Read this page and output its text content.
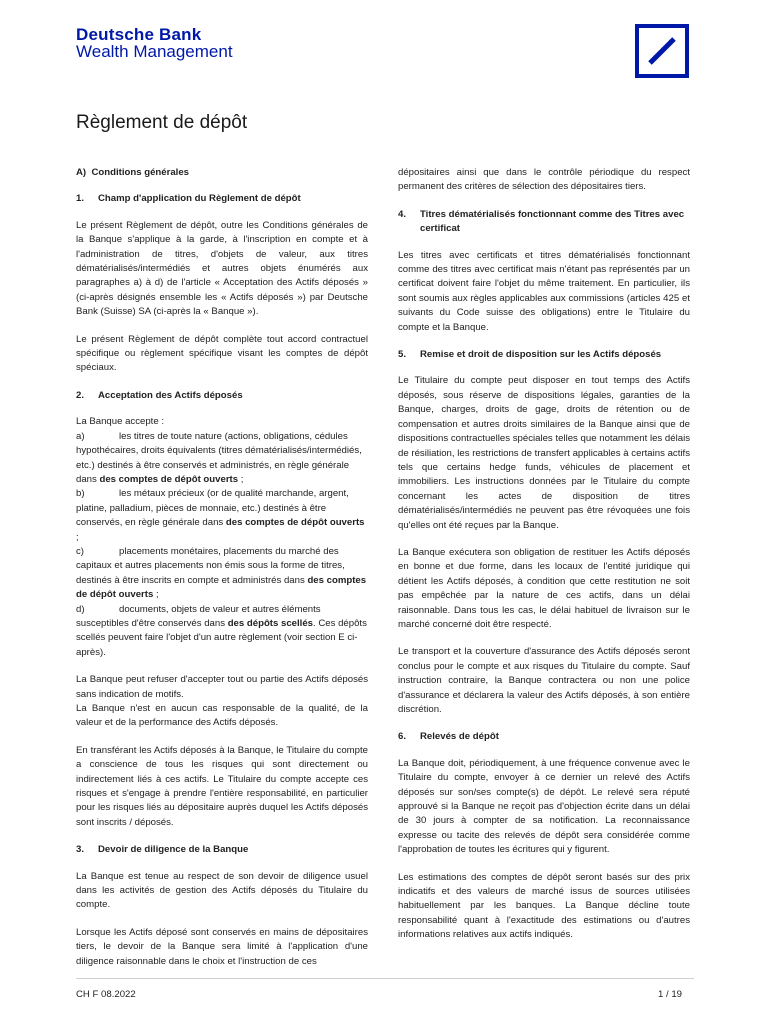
Deutsche Bank
Wealth Management
Règlement de dépôt
A)  Conditions générales
1.	Champ d'application du Règlement de dépôt

Le présent Règlement de dépôt, outre les Conditions générales de la Banque s'applique à la garde, à l'inscription en compte et à l'administration de titres, d'objets de valeur, aux titres dématérialisés/intermédiés et autres objets énumérés aux paragraphes a) à d) de l'article « Acceptation des Actifs déposés » (ci-après désignés ensemble les « Actifs déposés ») par Deutsche Bank (Suisse) SA (ci-après la « Banque »).

Le présent Règlement de dépôt complète tout accord contractuel spécifique ou règlement spécifique visant les comptes de dépôt spéciaux.

2.	Acceptation des Actifs déposés

La Banque accepte :

a)	les titres de toute nature (actions, obligations, cédules hypothécaires, droits équivalents (titres dématérialisés/intermédiés, etc.) destinés à être conservés et administrés, en règle générale dans des comptes de dépôt ouverts ;
b)	les métaux précieux (or de qualité marchande, argent, platine, palladium, pièces de monnaie, etc.) destinés à être conservés, en règle générale dans des comptes de dépôt ouverts ;
c)	placements monétaires, placements du marché des capitaux et autres placements non émis sous la forme de titres, destinés à être inscrits en compte et administrés dans des comptes de dépôt ouverts ;
d)	documents, objets de valeur et autres éléments susceptibles d'être conservés dans des dépôts scellés. Ces dépôts scellés peuvent faire l'objet d'un autre règlement (voir section E ci-après).

La Banque peut refuser d'accepter tout ou partie des Actifs déposés sans indication de motifs.

La Banque n'est en aucun cas responsable de la qualité, de la valeur et de la performance des Actifs déposés.

En transférant les Actifs déposés à la Banque, le Titulaire du compte a conscience de tous les risques qui sont directement ou indirectement liés à ces actifs. Le Titulaire du compte accepte ces risques et s'engage à prendre l'entière responsabilité, en particulier pour les risques liés au dépositaire auprès duquel les Actifs déposés sont inscrits / déposés.

3.	Devoir de diligence de la Banque

La Banque est tenue au respect de son devoir de diligence usuel dans les activités de gestion des Actifs déposés du Titulaire du compte.

Lorsque les Actifs déposé sont conservés en mains de dépositaires tiers, le devoir de la Banque sera limité à l'application d'une diligence raisonnable dans le choix et l'instruction de ces

dépositaires ainsi que dans le contrôle périodique du respect permanent des critères de sélection des dépositaires tiers.

4.	Titres dématérialisés fonctionnant comme des Titres avec certificat

Les titres avec certificats et titres dématérialisés fonctionnant comme des titres avec certificat mais n'étant pas représentés par un certificat doivent faire l'objet du même traitement. En particulier, ils sont soumis aux règles applicables aux commissions (articles 425 et suivants du Code suisse des obligations) entre le Titulaire du compte et la Banque.

5.	Remise et droit de disposition sur les Actifs déposés

Le Titulaire du compte peut disposer en tout temps des Actifs déposés, sous réserve de dispositions légales, garanties de la Banque, charges, droits de gage, droits de rétention ou de compensation et autres droits similaires de la Banque ainsi que de dispositions contractuelles spéciales telles que notamment les délais de résiliation, les restrictions de transfert applicables à certains actifs tels que certains hedge funds, véhicules de placement et immobiliers. Les instructions données par le Titulaire du compte concernant les actes de disposition de titres dématérialisés/intermédiés ne peuvent pas être révoquées une fois qu'elles ont été reçues par la Banque.

La Banque exécutera son obligation de restituer les Actifs déposés en bonne et due forme, dans les locaux de l'entité juridique qui détient les Actifs déposés, à condition que cette restitution ne soit pas empêchée par la nature de ces actifs, dans un délai raisonnable. Dans tous les cas, le délai habituel de livraison sur le marché concerné doit être respecté.

Le transport et la couverture d'assurance des Actifs déposés seront conclus pour le compte et aux risques du Titulaire du compte. Sauf instruction contraire, la Banque contractera ou non une police d'assurance et déclarera la valeur des Actifs déposés, à son entière discrétion.

6.	Relevés de dépôt

La Banque doit, périodiquement, à une fréquence convenue avec le Titulaire du compte, envoyer à ce dernier un relevé des Actifs déposés sur son/ses compte(s) de dépôt. Le relevé sera réputé approuvé si la Banque ne reçoit pas d'objection écrite dans un délai de 30 jours à compter de sa notification. La reconnaissance expresse ou tacite des relevés de dépôt sera considérée comme l'approbation de toutes les écritures qui y figurent.

Les estimations des comptes de dépôt seront basés sur des prix indicatifs et des valeurs de marché issus de sources utilisées habituellement par les banques. La Banque décline toute responsabilité quant à l'exactitude des estimations ou d'autres informations relatives aux actifs indiqués.

CH F 08.2022	1 / 19
